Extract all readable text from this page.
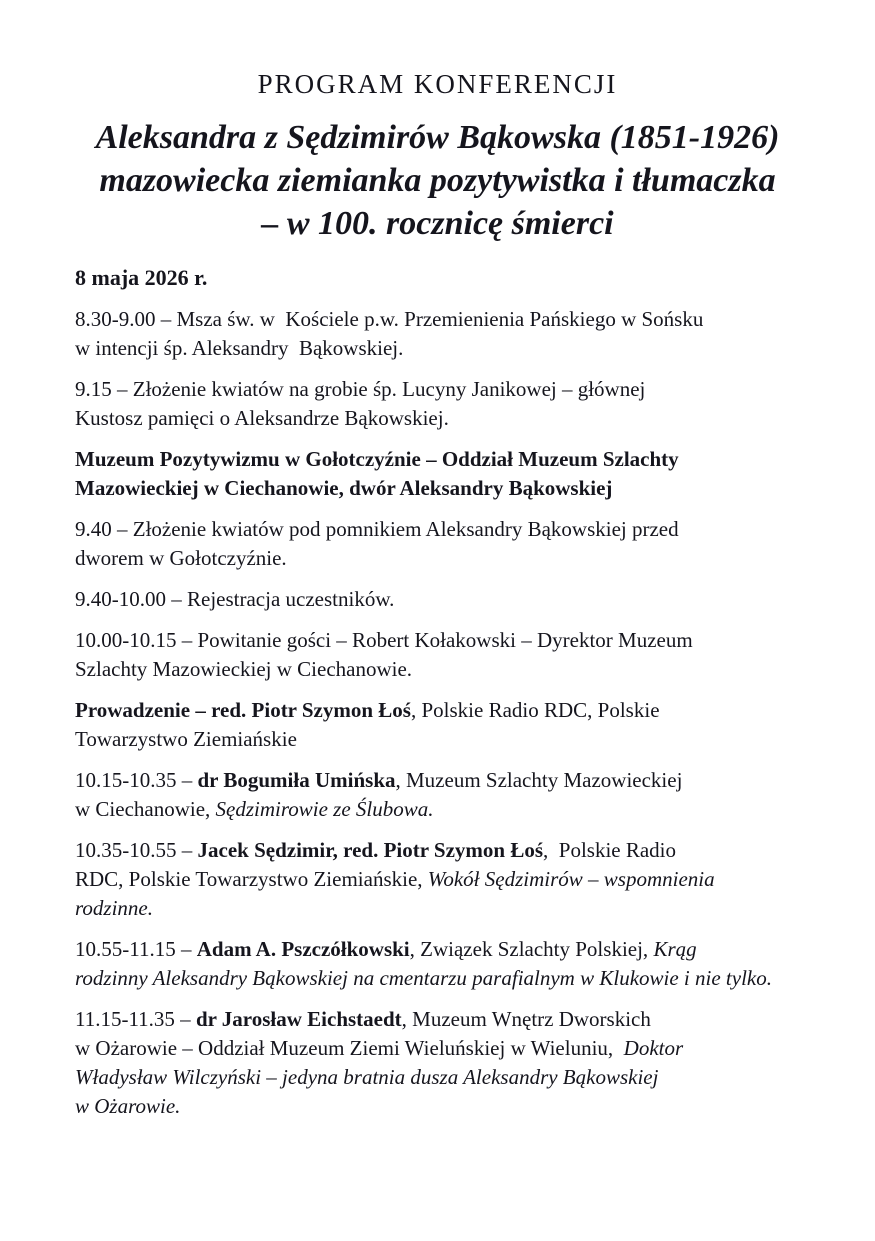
PROGRAM KONFERENCJI

Aleksandra z Sędzimirów Bąkowska (1851-1926)
mazowiecka ziemianka pozytywistka i tłumaczka
– w 100. rocznicę śmierci

8 maja 2026 r.

8.30-9.00 – Msza św. w  Kościele p.w. Przemienienia Pańskiego w Sońsku
w intencji śp. Aleksandry  Bąkowskiej.

9.15 – Złożenie kwiatów na grobie śp. Lucyny Janikowej – głównej
Kustosz pamięci o Aleksandrze Bąkowskiej.

Muzeum Pozytywizmu w Gołotczyźnie – Oddział Muzeum Szlachty
Mazowieckiej w Ciechanowie, dwór Aleksandry Bąkowskiej

9.40 – Złożenie kwiatów pod pomnikiem Aleksandry Bąkowskiej przed
dworem w Gołotczyźnie.

9.40-10.00 – Rejestracja uczestników.

10.00-10.15 – Powitanie gości – Robert Kołakowski – Dyrektor Muzeum
Szlachty Mazowieckiej w Ciechanowie.

Prowadzenie – red. Piotr Szymon Łoś, Polskie Radio RDC, Polskie
Towarzystwo Ziemiańskie

10.15-10.35 – dr Bogumiła Umińska, Muzeum Szlachty Mazowieckiej
w Ciechanowie, Sędzimirowie ze Ślubowa.

10.35-10.55 – Jacek Sędzimir, red. Piotr Szymon Łoś,  Polskie Radio
RDC, Polskie Towarzystwo Ziemiańskie, Wokół Sędzimirów – wspomnienia
rodzinne.

10.55-11.15 – Adam A. Pszczółkowski, Związek Szlachty Polskiej, Krąg
rodzinny Aleksandry Bąkowskiej na cmentarzu parafialnym w Klukowie i nie tylko.

11.15-11.35 – dr Jarosław Eichstaedt, Muzeum Wnętrz Dworskich
w Ożarowie – Oddział Muzeum Ziemi Wieluńskiej w Wieluniu,  Doktor
Władysław Wilczyński – jedyna bratnia dusza Aleksandry Bąkowskiej
w Ożarowie.
